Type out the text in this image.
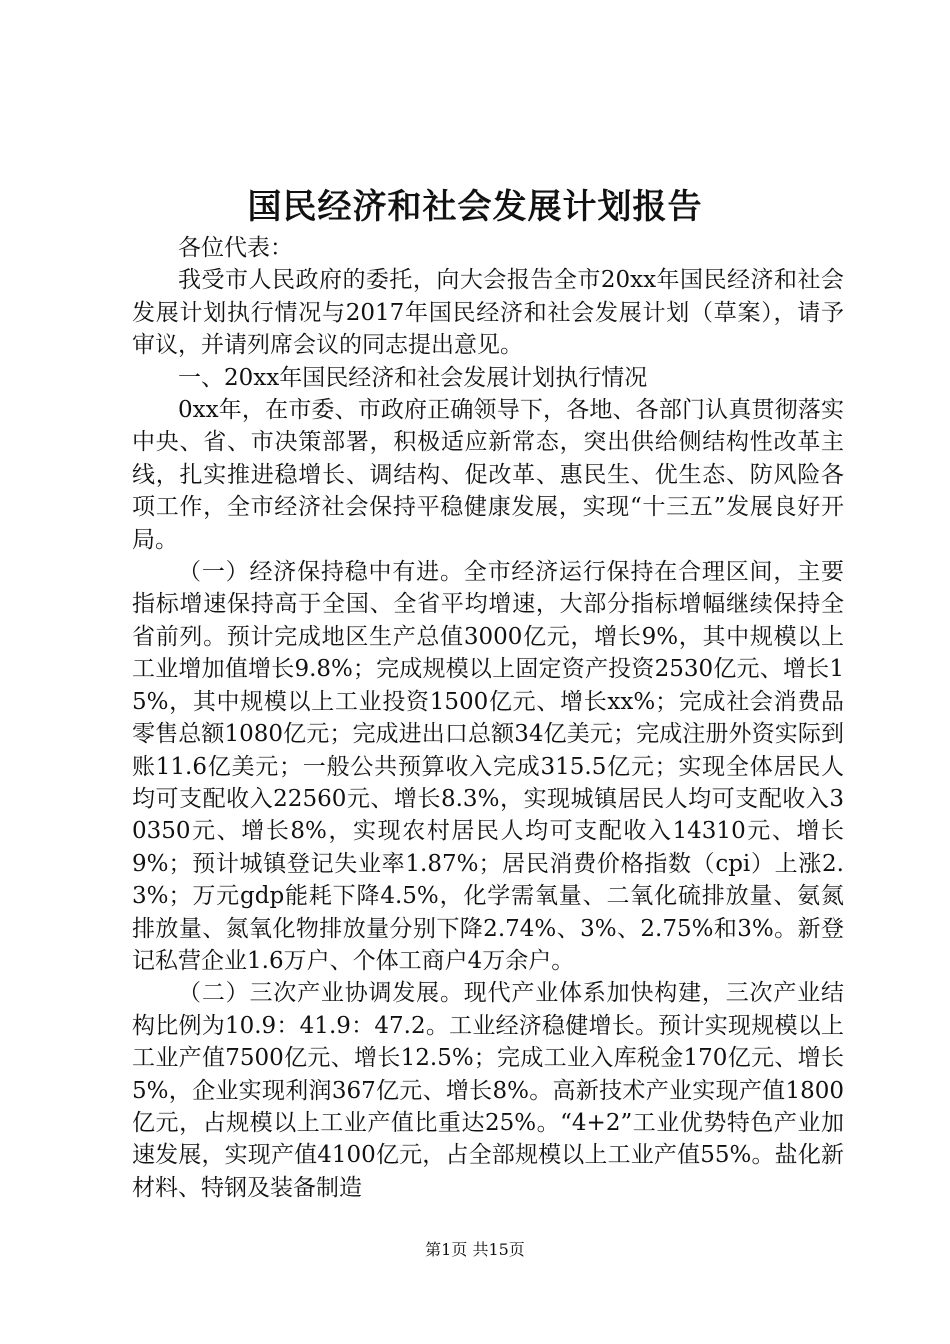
国民经济和社会发展计划报告

各位代表：

我受市人民政府的委托，向大会报告全市20xx年国民经济和社会发展计划执行情况与2017年国民经济和社会发展计划（草案），请予审议，并请列席会议的同志提出意见。

一、20xx年国民经济和社会发展计划执行情况

0xx年，在市委、市政府正确领导下，各地、各部门认真贯彻落实中央、省、市决策部署，积极适应新常态，突出供给侧结构性改革主线，扎实推进稳增长、调结构、促改革、惠民生、优生态、防风险各项工作，全市经济社会保持平稳健康发展，实现“十三五”发展良好开局。

（一）经济保持稳中有进。全市经济运行保持在合理区间，主要指标增速保持高于全国、全省平均增速，大部分指标增幅继续保持全省前列。预计完成地区生产总值3000亿元，增长9%，其中规模以上工业增加值增长9.8%；完成规模以上固定资产投资2530亿元、增长15%，其中规模以上工业投资1500亿元、增长xx%；完成社会消费品零售总额1080亿元；完成进出口总额34亿美元；完成注册外资实际到账11.6亿美元；一般公共预算收入完成315.5亿元；实现全体居民人均可支配收入22560元、增长8.3%，实现城镇居民人均可支配收入30350元、增长8%，实现农村居民人均可支配收入14310元、增长9%；预计城镇登记失业率1.87%；居民消费价格指数（cpi）上涨2.3%；万元gdp能耗下降4.5%，化学需氧量、二氧化硫排放量、氨氮排放量、氮氧化物排放量分别下降2.74%、3%、2.75%和3%。新登记私营企业1.6万户、个体工商户4万余户。

（二）三次产业协调发展。现代产业体系加快构建，三次产业结构比例为10.9：41.9：47.2。工业经济稳健增长。预计实现规模以上工业产值7500亿元、增长12.5%；完成工业入库税金170亿元、增长5%，企业实现利润367亿元、增长8%。高新技术产业实现产值1800亿元，占规模以上工业产值比重达25%。“4+2”工业优势特色产业加速发展，实现产值4100亿元，占全部规模以上工业产值55%。盐化新材料、特钢及装备制造

第1页 共15页
